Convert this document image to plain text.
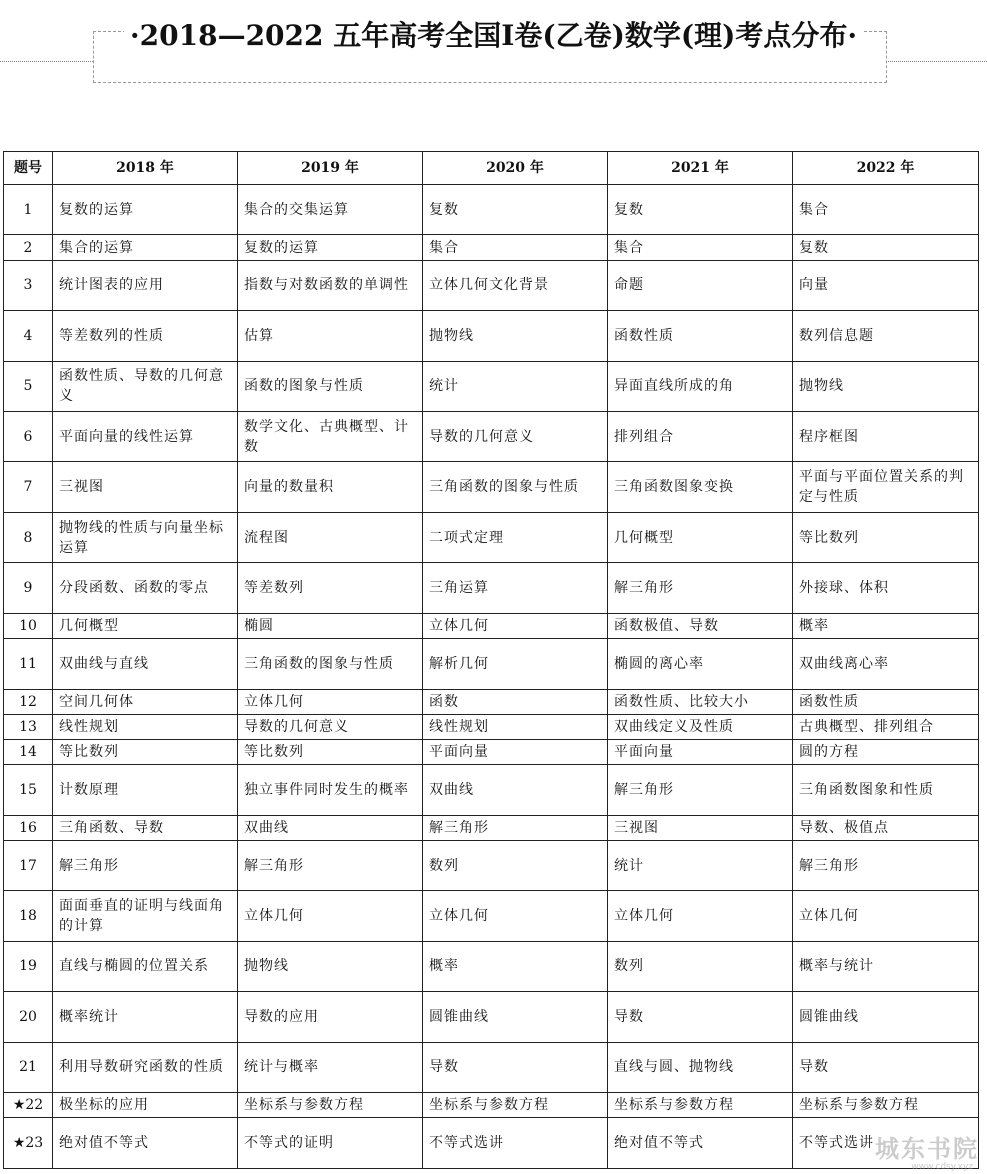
·2018—2022 五年高考全国Ⅰ卷(乙卷)数学(理)考点分布·
题号	2018 年	2019 年	2020 年	2021 年	2022 年
1	复数的运算	集合的交集运算	复数	复数	集合
2	集合的运算	复数的运算	集合	集合	复数
3	统计图表的应用	指数与对数函数的单调性	立体几何文化背景	命题	向量
4	等差数列的性质	估算	抛物线	函数性质	数列信息题
5	函数性质、导数的几何意义	函数的图象与性质	统计	异面直线所成的角	抛物线
6	平面向量的线性运算	数学文化、古典概型、计数	导数的几何意义	排列组合	程序框图
7	三视图	向量的数量积	三角函数的图象与性质	三角函数图象变换	平面与平面位置关系的判定与性质
8	抛物线的性质与向量坐标运算	流程图	二项式定理	几何概型	等比数列
9	分段函数、函数的零点	等差数列	三角运算	解三角形	外接球、体积
10	几何概型	椭圆	立体几何	函数极值、导数	概率
11	双曲线与直线	三角函数的图象与性质	解析几何	椭圆的离心率	双曲线离心率
12	空间几何体	立体几何	函数	函数性质、比较大小	函数性质
13	线性规划	导数的几何意义	线性规划	双曲线定义及性质	古典概型、排列组合
14	等比数列	等比数列	平面向量	平面向量	圆的方程
15	计数原理	独立事件同时发生的概率	双曲线	解三角形	三角函数图象和性质
16	三角函数、导数	双曲线	解三角形	三视图	导数、极值点
17	解三角形	解三角形	数列	统计	解三角形
18	面面垂直的证明与线面角的计算	立体几何	立体几何	立体几何	立体几何
19	直线与椭圆的位置关系	抛物线	概率	数列	概率与统计
20	概率统计	导数的应用	圆锥曲线	导数	圆锥曲线
21	利用导数研究函数的性质	统计与概率	导数	直线与圆、抛物线	导数
★22	极坐标的应用	坐标系与参数方程	坐标系与参数方程	坐标系与参数方程	坐标系与参数方程
★23	绝对值不等式	不等式的证明	不等式选讲	绝对值不等式	不等式选讲 城东书院
www.cdsy.xyz
